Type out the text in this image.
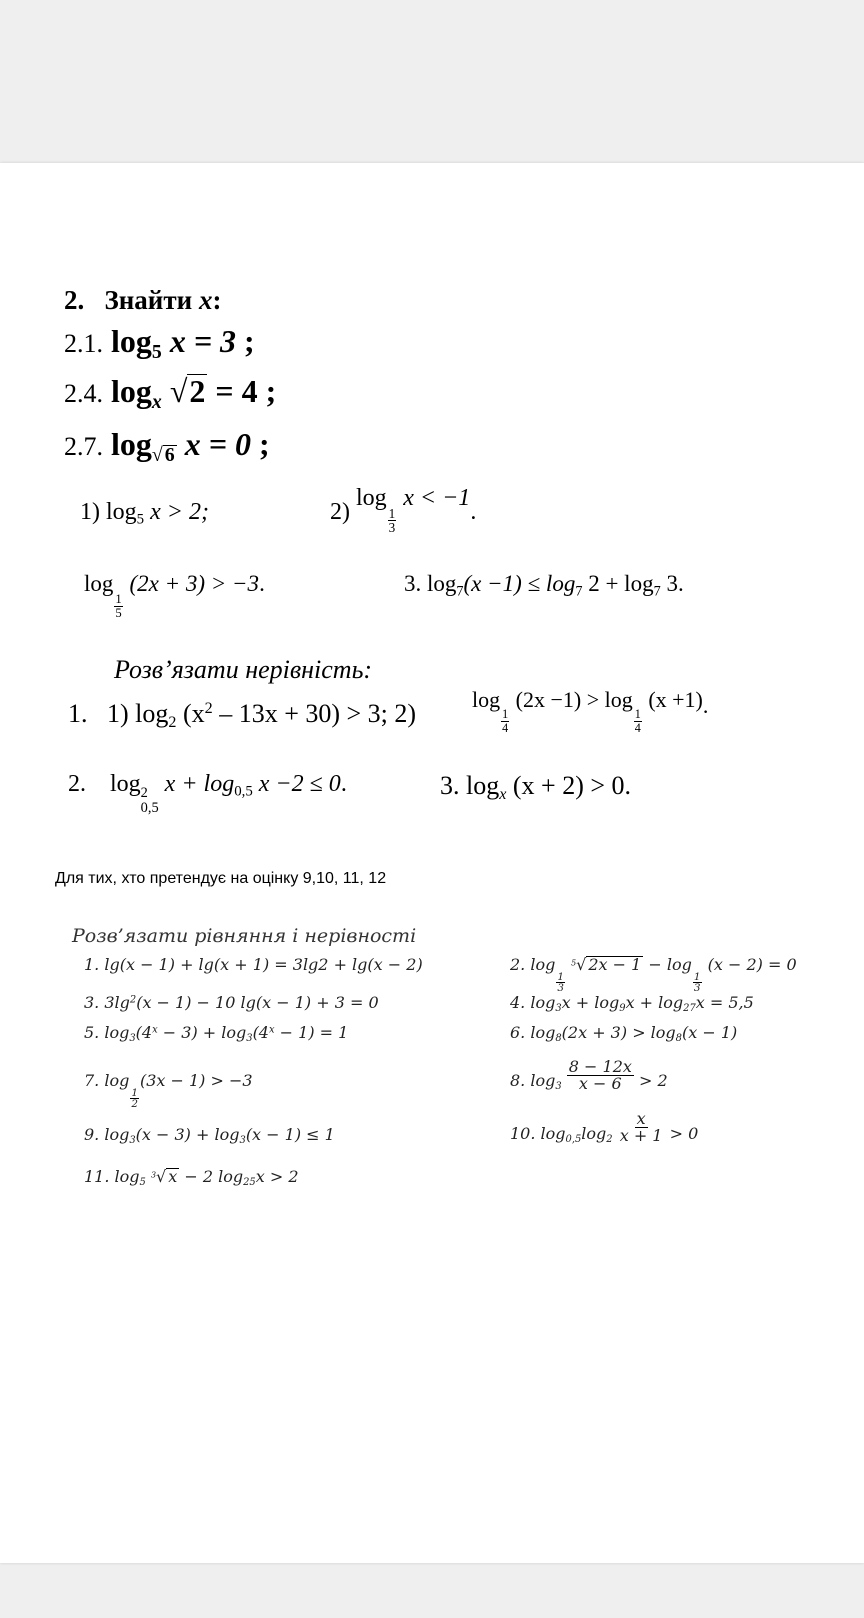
2. Знайти x:
2.1. log5 x = 3 ;
2.4. logx √2 = 4 ;
2.7. log√ 6 x = 0 ;
1) log5 x > 2;	2) log
$\frac{1}{3}$
x < −1.
log
$\frac{1}{5}$
(2x + 3) > −3.	3. log7(x −1) ≤ log7 2 + log7 3.
Розв’язати нерівність:
1. 1) log2 $(x^2 - 13x + 30) > 3$; 2)	log
$\frac{1}{4}$
(2x −1) > log
$\frac{1}{4}$
(x +1).
2. log 2
0,5
x + log0,5 x −2 ≤ 0.	3. logx (x + 2) > 0.
Для тих, хто претендує на оцінку 9,10, 11, 12
Розв’язати рівняння і нерівності
1. lg(x − 1) + lg(x + 1) = 3lg2 + lg(x − 2)	2. log
$\frac{1}{3}$
$^5$√ 2x − 1 − log
$\frac{1}{3}$
(x − 2) = 0
3. $3\lg^2(x - 1) - 10$ lg(x − 1) + 3 = 0	4. log3x + log9x + log27x = 5,5
5. $\log 3(4^x - 3) + \log 3(4^x - 1) = 1$	6. log8(2x + 3) > log8(x − 1)
7. log
$\frac{1}{2}$
(3x − 1) > −3	8. $\log_3 \frac{8 - 12x}{x - 6} > 2$
9. log3(x − 3) + log3(x − 1) ≤ 1	10. $\log_{0,5}\log_2 \frac{x}{x + 1} > 0$
11. log5 $^3$√ x − 2 log25x > 2
